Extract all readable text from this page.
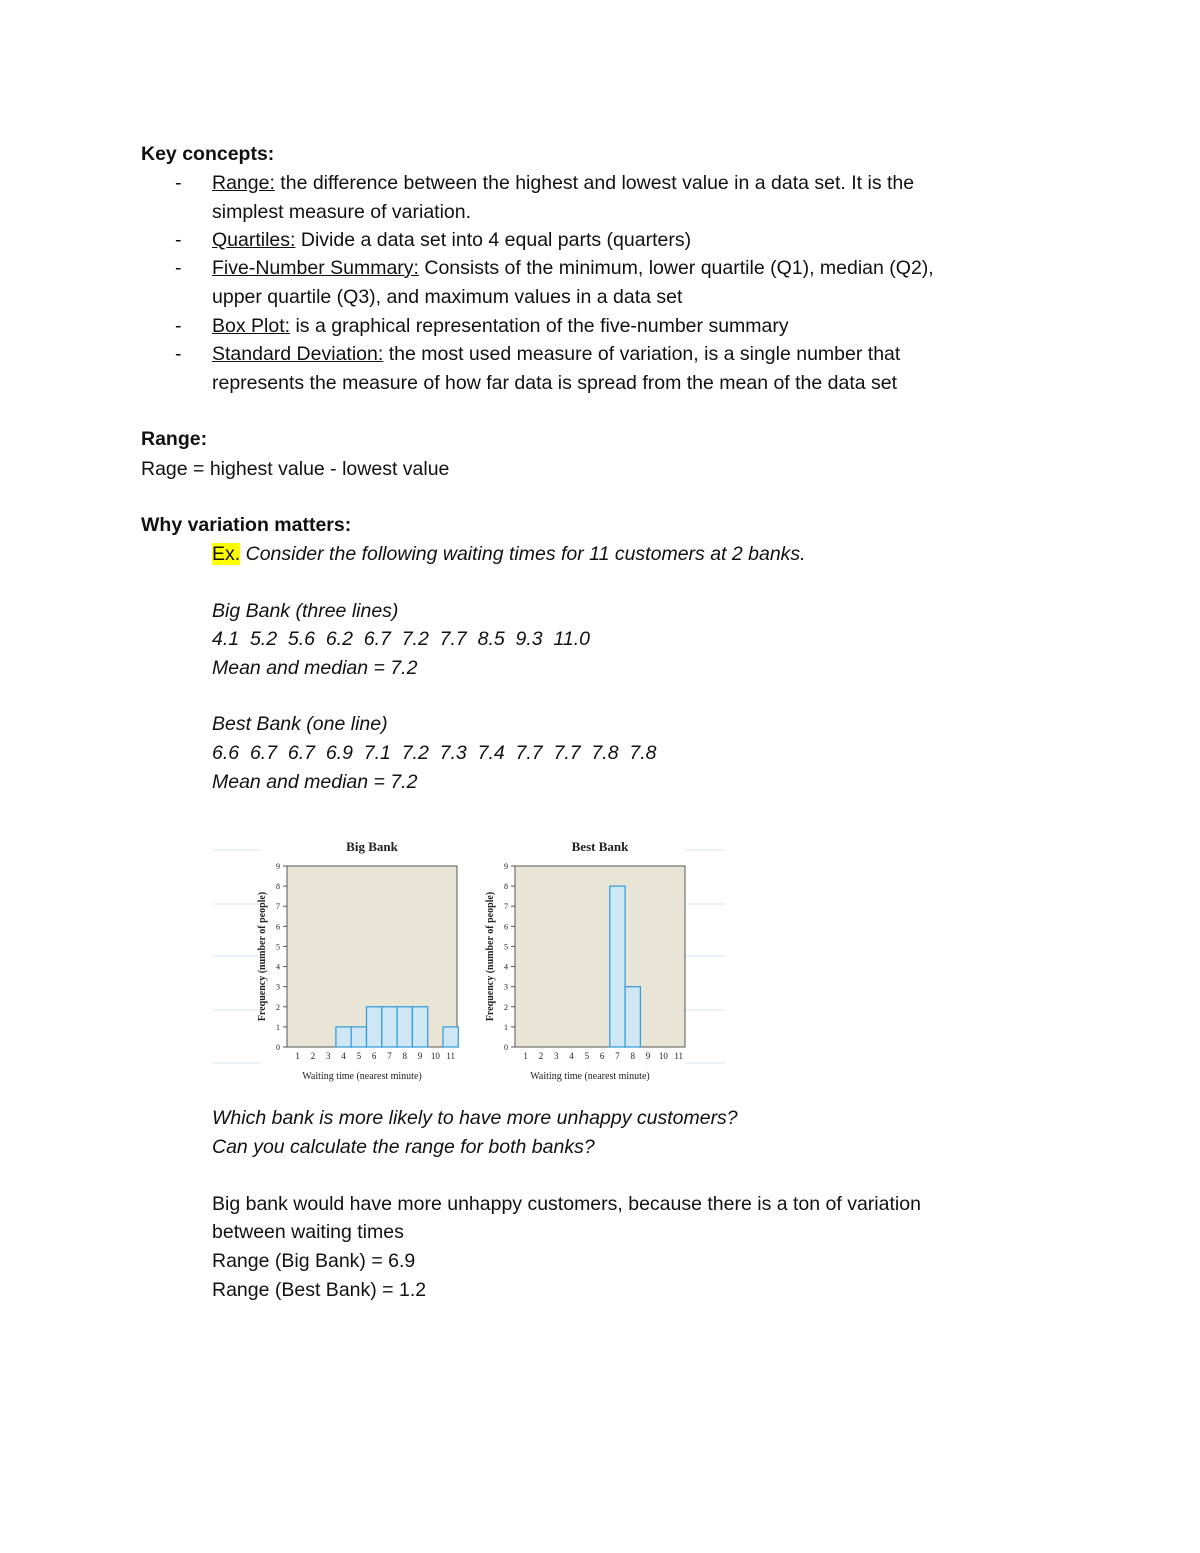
Key concepts:
- Range: the difference between the highest and lowest value in a data set. It is the
simplest measure of variation.
- Quartiles: Divide a data set into 4 equal parts (quarters)
- Five-Number Summary: Consists of the minimum, lower quartile (Q1), median (Q2),
upper quartile (Q3), and maximum values in a data set
- Box Plot: is a graphical representation of the five-number summary
- Standard Deviation: the most used measure of variation, is a single number that
represents the measure of how far data is spread from the mean of the data set
Range:
Rage = highest value - lowest value
Why variation matters:
Ex. Consider the following waiting times for 11 customers at 2 banks.
Big Bank (three lines)
4.1  5.2  5.6  6.2  6.7  7.2  7.7  8.5  9.3  11.0
Mean and median = 7.2
Best Bank (one line)
6.6  6.7  6.7  6.9  7.1  7.2  7.3  7.4  7.7  7.7  7.8  7.8
Mean and median = 7.2
Big Bank
0
1
2
3
4
5
6
7
8
9
1 2 3 4 5 6 7 8 9 10 11
Waiting time (nearest minute)
Frequency (number of people)
Best Bank
0
1
2
3
4
5
6
7
8
9
1 2 3 4 5 6 7 8 9 10 11
Waiting time (nearest minute)
Frequency (number of people)
Which bank is more likely to have more unhappy customers?
Can you calculate the range for both banks?
Big bank would have more unhappy customers, because there is a ton of variation
between waiting times
Range (Big Bank) = 6.9
Range (Best Bank) = 1.2
